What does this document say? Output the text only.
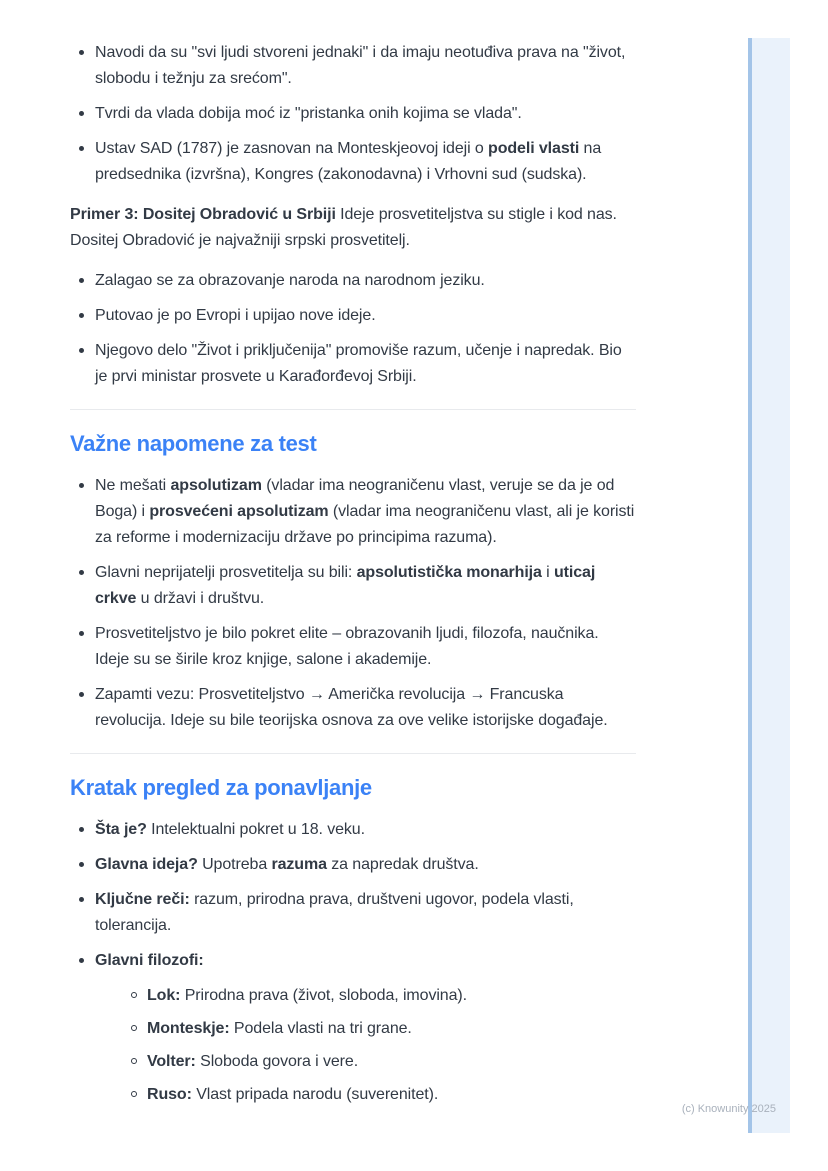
Navodi da su "svi ljudi stvoreni jednaki" i da imaju neotuđiva prava na "život, slobodu i težnju za srećom".
Tvrdi da vlada dobija moć iz "pristanka onih kojima se vlada".
Ustav SAD (1787) je zasnovan na Monteskjeovoj ideji o podeli vlasti na predsednika (izvršna), Kongres (zakonodavna) i Vrhovni sud (sudska).

Primer 3: Dositej Obradović u Srbiji Ideje prosvetiteljstva su stigle i kod nas. Dositej Obradović je najvažniji srpski prosvetitelj.

Zalagao se za obrazovanje naroda na narodnom jeziku.
Putovao je po Evropi i upijao nove ideje.
Njegovo delo "Život i priključenija" promoviše razum, učenje i napredak. Bio je prvi ministar prosvete u Karađorđevoj Srbiji.
Važne napomene za test
Ne mešati apsolutizam (vladar ima neograničenu vlast, veruje se da je od Boga) i prosvećeni apsolutizam (vladar ima neograničenu vlast, ali je koristi za reforme i modernizaciju države po principima razuma).
Glavni neprijatelji prosvetitelja su bili: apsolutistička monarhija i uticaj crkve u državi i društvu.
Prosvetiteljstvo je bilo pokret elite – obrazovanih ljudi, filozofa, naučnika. Ideje su se širile kroz knjige, salone i akademije.
Zapamti vezu: Prosvetiteljstvo → Američka revolucija → Francuska revolucija. Ideje su bile teorijska osnova za ove velike istorijske događaje.
Kratak pregled za ponavljanje
Šta je? Intelektualni pokret u 18. veku.
Glavna ideja? Upotreba razuma za napredak društva.
Ključne reči: razum, prirodna prava, društveni ugovor, podela vlasti, tolerancija.
Glavni filozofi:
Lok: Prirodna prava (život, sloboda, imovina).
Monteskje: Podela vlasti na tri grane.
Volter: Sloboda govora i vere.
Ruso: Vlast pripada narodu (suverenitet).
(c) Knowunity 2025
